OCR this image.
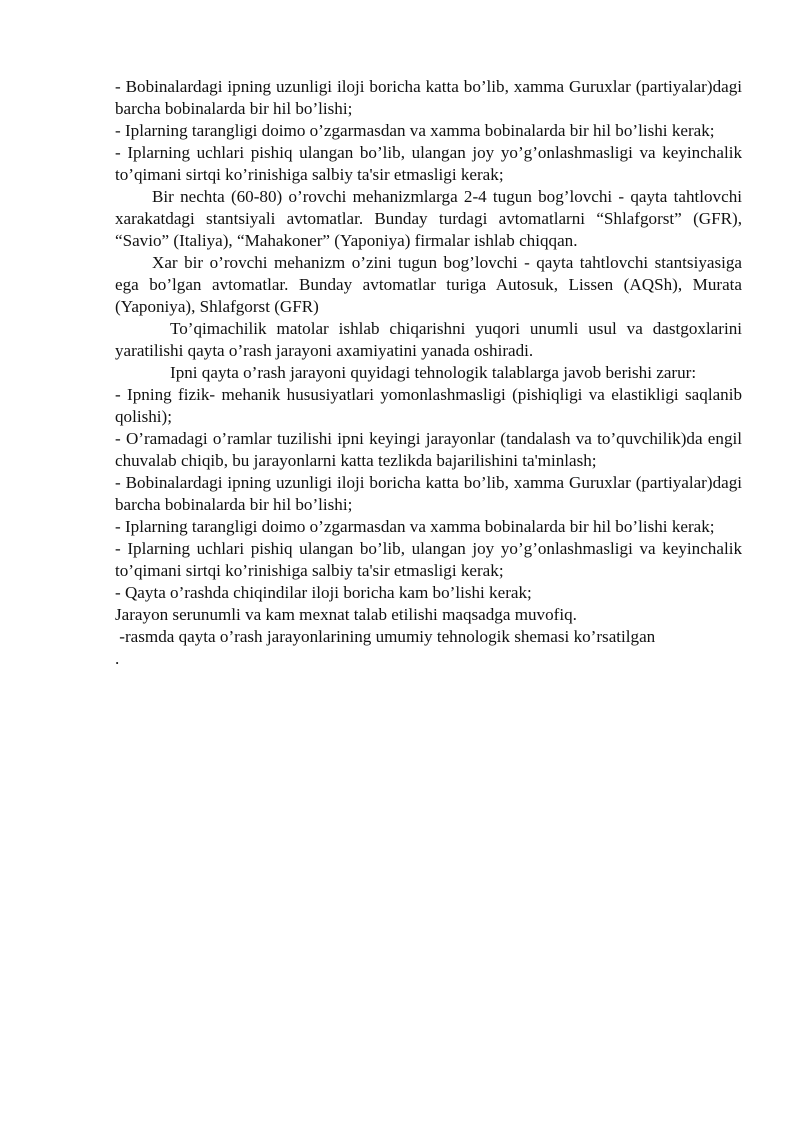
- Bobinalardagi ipning uzunligi iloji boricha katta bo’lib, xamma Guruxlar (partiyalar)dagi barcha bobinalarda bir hil bo’lishi;

- Iplarning tarangligi doimo o’zgarmasdan va xamma bobinalarda bir hil bo’lishi kerak;

- Iplarning uchlari pishiq ulangan bo’lib, ulangan joy yo’g’onlashmasligi va keyinchalik to’qimani sirtqi ko’rinishiga salbiy ta'sir etmasligi kerak;

Bir nechta (60-80) o’rovchi mehanizmlarga 2-4 tugun bog’lovchi - qayta tahtlovchi xarakatdagi stantsiyali avtomatlar. Bunday turdagi avtomatlarni “Shlafgorst” (GFR), “Savio” (Italiya), “Mahakoner” (Yaponiya) firmalar ishlab chiqqan.

Xar bir o’rovchi mehanizm o’zini tugun bog’lovchi - qayta tahtlovchi stantsiyasiga ega bo’lgan avtomatlar. Bunday avtomatlar turiga Autosuk, Lissen (AQSh), Murata (Yaponiya), Shlafgorst (GFR)

To’qimachilik matolar ishlab chiqarishni yuqori unumli usul va dastgoxlarini yaratilishi qayta o’rash jarayoni axamiyatini yanada oshiradi.

Ipni qayta o’rash jarayoni quyidagi tehnologik talablarga javob berishi zarur:

- Ipning fizik- mehanik hususiyatlari yomonlashmasligi (pishiqligi va elastikligi saqlanib qolishi);

- O’ramadagi o’ramlar tuzilishi ipni keyingi jarayonlar (tandalash va to’quvchilik)da engil chuvalab chiqib, bu jarayonlarni katta tezlikda bajarilishini ta'minlash;

- Bobinalardagi ipning uzunligi iloji boricha katta bo’lib, xamma Guruxlar (partiyalar)dagi barcha bobinalarda bir hil bo’lishi;

- Iplarning tarangligi doimo o’zgarmasdan va xamma bobinalarda bir hil bo’lishi kerak;

- Iplarning uchlari pishiq ulangan bo’lib, ulangan joy yo’g’onlashmasligi va keyinchalik to’qimani sirtqi ko’rinishiga salbiy ta'sir etmasligi kerak;

- Qayta o’rashda chiqindilar iloji boricha kam bo’lishi kerak;

Jarayon serunumli va kam mexnat talab etilishi maqsadga muvofiq.

-rasmda qayta o’rash jarayonlarining umumiy tehnologik shemasi ko’rsatilgan

.
